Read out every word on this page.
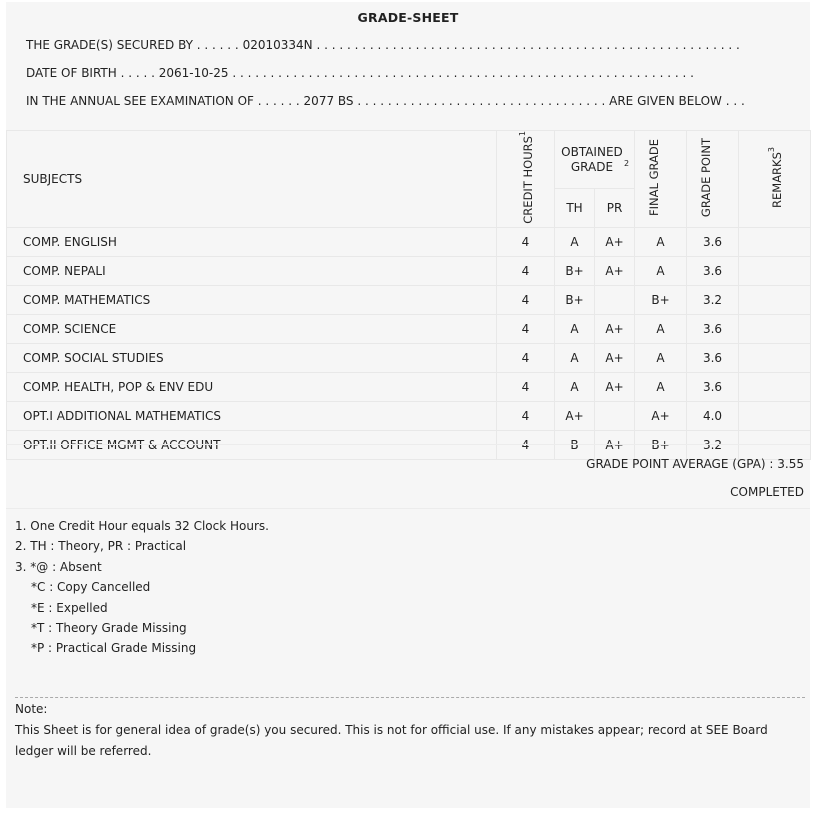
GRADE-SHEET
THE GRADE(S) SECURED BY . . . . . . 02010334N . . . . . . . . . . . . . . . . . . . . . . . . . . . . . . . . . . . . . . . . . . . . . . . . . . . . . . . .
DATE OF BIRTH . . . . . 2061-10-25 . . . . . . . . . . . . . . . . . . . . . . . . . . . . . . . . . . . . . . . . . . . . . . . . . . . . . . . . . . . . .
IN THE ANNUAL SEE EXAMINATION OF . . . . . . 2077 BS . . . . . . . . . . . . . . . . . . . . . . . . . . . . . . . . . ARE GIVEN BELOW . . .
SUBJECTS	CREDIT HOURS$^1$	OBTAINED GRADE $^2$		FINAL GRADE	GRADE POINT	REMARKS$^3$
		TH	PR			
COMP. ENGLISH	4	A	A+	A	3.6	
COMP. NEPALI	4	B+	A+	A	3.6	
COMP. MATHEMATICS	4	B+		B+	3.2	
COMP. SCIENCE	4	A	A+	A	3.6	
COMP. SOCIAL STUDIES	4	A	A+	A	3.6	
COMP. HEALTH, POP & ENV EDU	4	A	A+	A	3.6	
OPT.I ADDITIONAL MATHEMATICS	4	A+		A+	4.0	
OPT.II OFFICE MGMT & ACCOUNT	4	B	A+	B+	3.2	
GRADE POINT AVERAGE (GPA) : 3.55
COMPLETED
1. One Credit Hour equals 32 Clock Hours.
2. TH : Theory, PR : Practical
3. *@ : Absent
*C : Copy Cancelled
*E : Expelled
*T : Theory Grade Missing
*P : Practical Grade Missing
Note:
This Sheet is for general idea of grade(s) you secured. This is not for official use. If any mistakes appear; record at SEE Board ledger will be referred.
